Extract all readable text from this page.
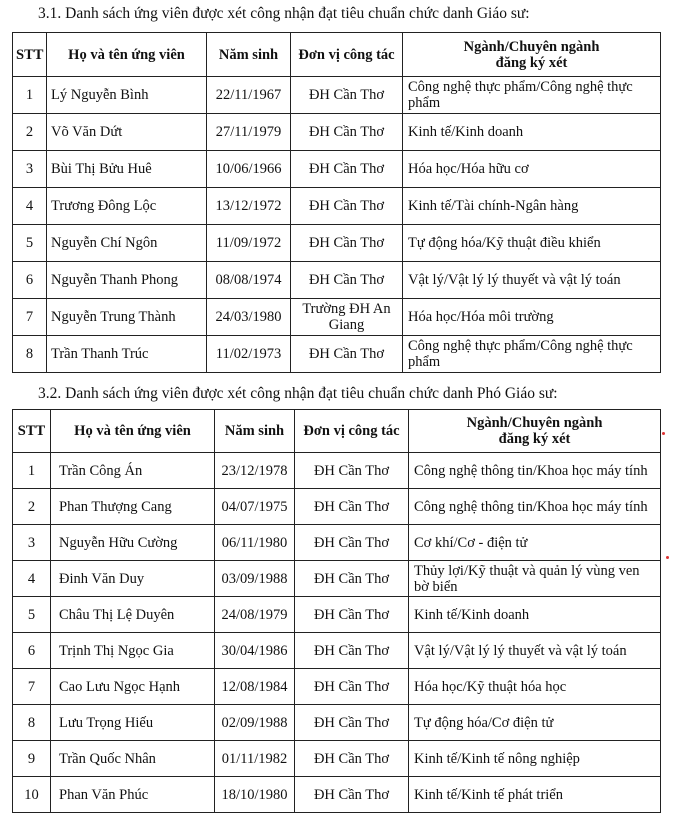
3.1. Danh sách ứng viên được xét công nhận đạt tiêu chuẩn chức danh Giáo sư:
STT	Họ và tên ứng viên	Năm sinh	Đơn vị công tác	Ngành/Chuyên ngành
đăng ký xét
1	Lý Nguyễn Bình	22/11/1967	ĐH Cần Thơ	Công nghệ thực phẩm/Công nghệ thực phẩm
2	Võ Văn Dứt	27/11/1979	ĐH Cần Thơ	Kinh tế/Kinh doanh
3	Bùi Thị Bửu Huê	10/06/1966	ĐH Cần Thơ	Hóa học/Hóa hữu cơ
4	Trương Đông Lộc	13/12/1972	ĐH Cần Thơ	Kinh tế/Tài chính-Ngân hàng
5	Nguyễn Chí Ngôn	11/09/1972	ĐH Cần Thơ	Tự động hóa/Kỹ thuật điều khiển
6	Nguyễn Thanh Phong	08/08/1974	ĐH Cần Thơ	Vật lý/Vật lý lý thuyết và vật lý toán
7	Nguyễn Trung Thành	24/03/1980	Trường ĐH An Giang	Hóa học/Hóa môi trường
8	Trần Thanh Trúc	11/02/1973	ĐH Cần Thơ	Công nghệ thực phẩm/Công nghệ thực phẩm
3.2. Danh sách ứng viên được xét công nhận đạt tiêu chuẩn chức danh Phó Giáo sư:
STT	Họ và tên ứng viên	Năm sinh	Đơn vị công tác	Ngành/Chuyên ngành
đăng ký xét
1	Trần Công Án	23/12/1978	ĐH Cần Thơ	Công nghệ thông tin/Khoa học máy tính
2	Phan Thượng Cang	04/07/1975	ĐH Cần Thơ	Công nghệ thông tin/Khoa học máy tính
3	Nguyễn Hữu Cường	06/11/1980	ĐH Cần Thơ	Cơ khí/Cơ - điện tử
4	Đinh Văn Duy	03/09/1988	ĐH Cần Thơ	Thủy lợi/Kỹ thuật và quản lý vùng ven bờ biển
5	Châu Thị Lệ Duyên	24/08/1979	ĐH Cần Thơ	Kinh tế/Kinh doanh
6	Trịnh Thị Ngọc Gia	30/04/1986	ĐH Cần Thơ	Vật lý/Vật lý lý thuyết và vật lý toán
7	Cao Lưu Ngọc Hạnh	12/08/1984	ĐH Cần Thơ	Hóa học/Kỹ thuật hóa học
8	Lưu Trọng Hiếu	02/09/1988	ĐH Cần Thơ	Tự động hóa/Cơ điện tử
9	Trần Quốc Nhân	01/11/1982	ĐH Cần Thơ	Kinh tế/Kinh tế nông nghiệp
10	Phan Văn Phúc	18/10/1980	ĐH Cần Thơ	Kinh tế/Kinh tế phát triển
